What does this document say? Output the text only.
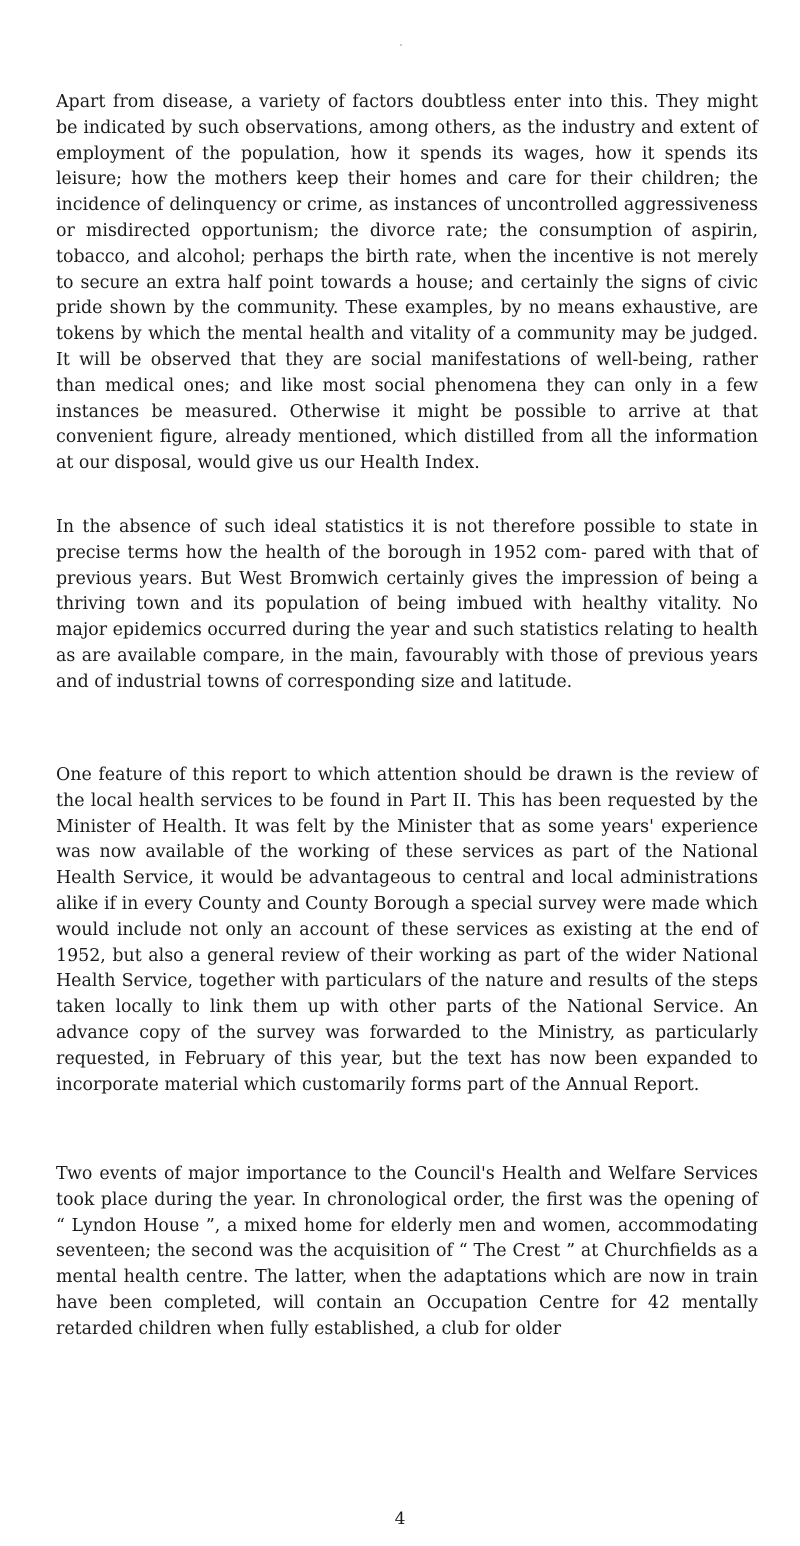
Apart from disease, a variety of factors doubtless enter into this. They might be indicated by such observations, among others, as the industry and extent of employment of the population, how it spends its wages, how it spends its leisure; how the mothers keep their homes and care for their children; the incidence of delinquency or crime, as instances of uncontrolled aggressiveness or misdirected opportunism; the divorce rate; the consumption of aspirin, tobacco, and alcohol; perhaps the birth rate, when the incentive is not merely to secure an extra half point towards a house; and certainly the signs of civic pride shown by the community. These examples, by no means exhaustive, are tokens by which the mental health and vitality of a community may be judged. It will be observed that they are social manifestations of well-being, rather than medical ones; and like most social phenomena they can only in a few instances be measured. Otherwise it might be possible to arrive at that convenient figure, already mentioned, which distilled from all the information at our disposal, would give us our Health Index.

In the absence of such ideal statistics it is not therefore possible to state in precise terms how the health of the borough in 1952 com- pared with that of previous years. But West Bromwich certainly gives the impression of being a thriving town and its population of being imbued with healthy vitality. No major epidemics occurred during the year and such statistics relating to health as are available compare, in the main, favourably with those of previous years and of industrial towns of corresponding size and latitude.

One feature of this report to which attention should be drawn is the review of the local health services to be found in Part II. This has been requested by the Minister of Health. It was felt by the Minister that as some years' experience was now available of the working of these services as part of the National Health Service, it would be advantageous to central and local administrations alike if in every County and County Borough a special survey were made which would include not only an account of these services as existing at the end of 1952, but also a general review of their working as part of the wider National Health Service, together with particulars of the nature and results of the steps taken locally to link them up with other parts of the National Service. An advance copy of the survey was forwarded to the Ministry, as particularly requested, in February of this year, but the text has now been expanded to incorporate material which customarily forms part of the Annual Report.

Two events of major importance to the Council's Health and Welfare Services took place during the year. In chronological order, the first was the opening of “ Lyndon House ”, a mixed home for elderly men and women, accommodating seventeen; the second was the acquisition of “ The Crest ” at Churchfields as a mental health centre. The latter, when the adaptations which are now in train have been completed, will contain an Occupation Centre for 42 mentally retarded children when fully established, a club for older

4
